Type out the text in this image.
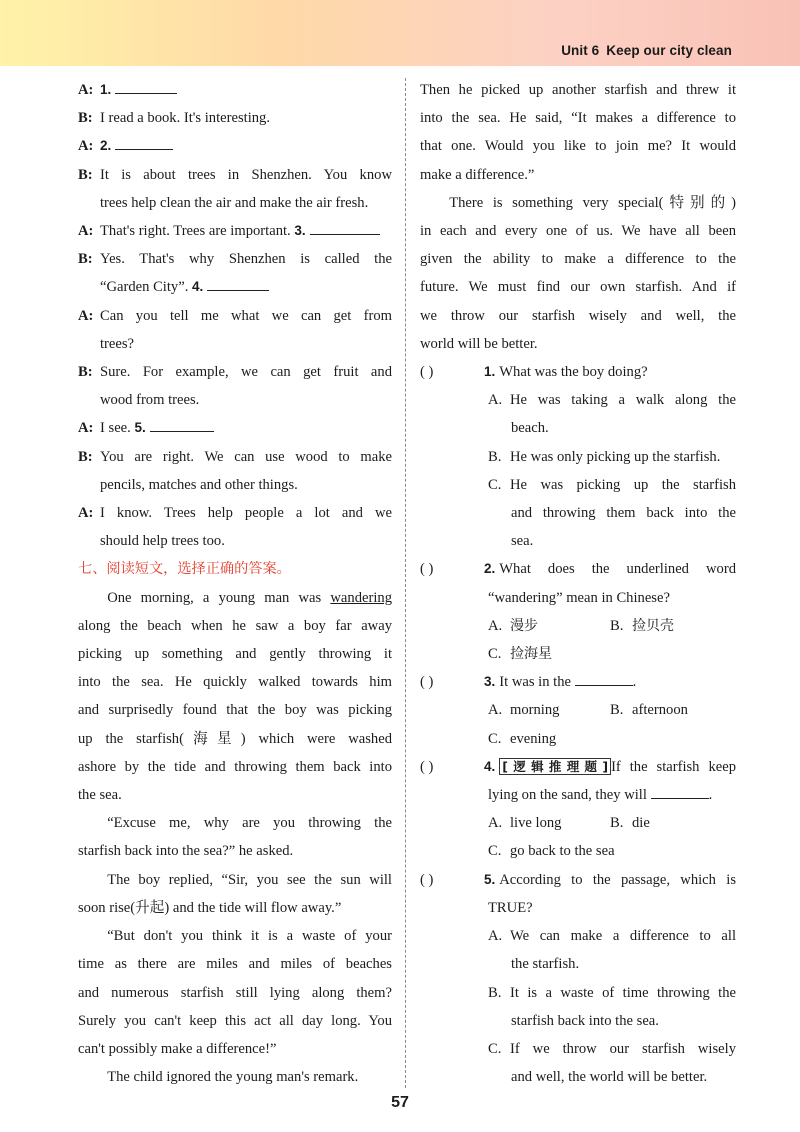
Unit 6 Keep our city clean
A: 1.
B: I read a book. It's interesting.
A: 2.
B: It is about trees in Shenzhen. You know
trees help clean the air and make the air fresh.
A: That's right. Trees are important. 3.
B: Yes. That's why Shenzhen is called the
“Garden City”. 4.
A: Can you tell me what we can get from
trees?
B: Sure. For example, we can get fruit and
wood from trees.
A: I see. 5.
B: You are right. We can use wood to make
pencils, matches and other things.
A: I know. Trees help people a lot and we
should help trees too.
七、阅读短文，选择正确的答案。
One morning, a young man was wandering
along the beach when he saw a boy far away
picking up something and gently throwing it
into the sea. He quickly walked towards him
and surprisedly found that the boy was picking
up the starfish(海星) which were washed
ashore by the tide and throwing them back into
the sea.
“Excuse me, why are you throwing the
starfish back into the sea?” he asked.
The boy replied, “Sir, you see the sun will
soon rise(升起) and the tide will flow away.”
“But don't you think it is a waste of your
time as there are miles and miles of beaches
and numerous starfish still lying along them?
Surely you can't keep this act all day long. You
can't possibly make a difference!”
The child ignored the young man's remark.
Then he picked up another starfish and threw it
into the sea. He said, “It makes a difference to
that one. Would you like to join me? It would
make a difference.”
There is something very special(特别的)
in each and every one of us. We have all been
given the ability to make a difference to the
future. We must find our own starfish. And if
we throw our starfish wisely and well, the
world will be better.
( )	1. What was the boy doing?
A. He was taking a walk along the
beach.
B. He was only picking up the starfish.
C. He was picking up the starfish
and throwing them back into the
sea.
( )	2. What does the underlined word
“wandering” mean in Chinese?
A. 漫步	B. 捡贝壳
C. 捡海星
( )	3. It was in the	.
A. morning	B. afternoon
C. evening
( )	4. [逻辑推理题] If the starfish keep
lying on the sand, they will	.
A. live long	B. die
C. go back to the sea
( )	5. According to the passage, which is
TRUE?
A. We can make a difference to all
the starfish.
B. It is a waste of time throwing the
starfish back into the sea.
C. If we throw our starfish wisely
and well, the world will be better.
57
